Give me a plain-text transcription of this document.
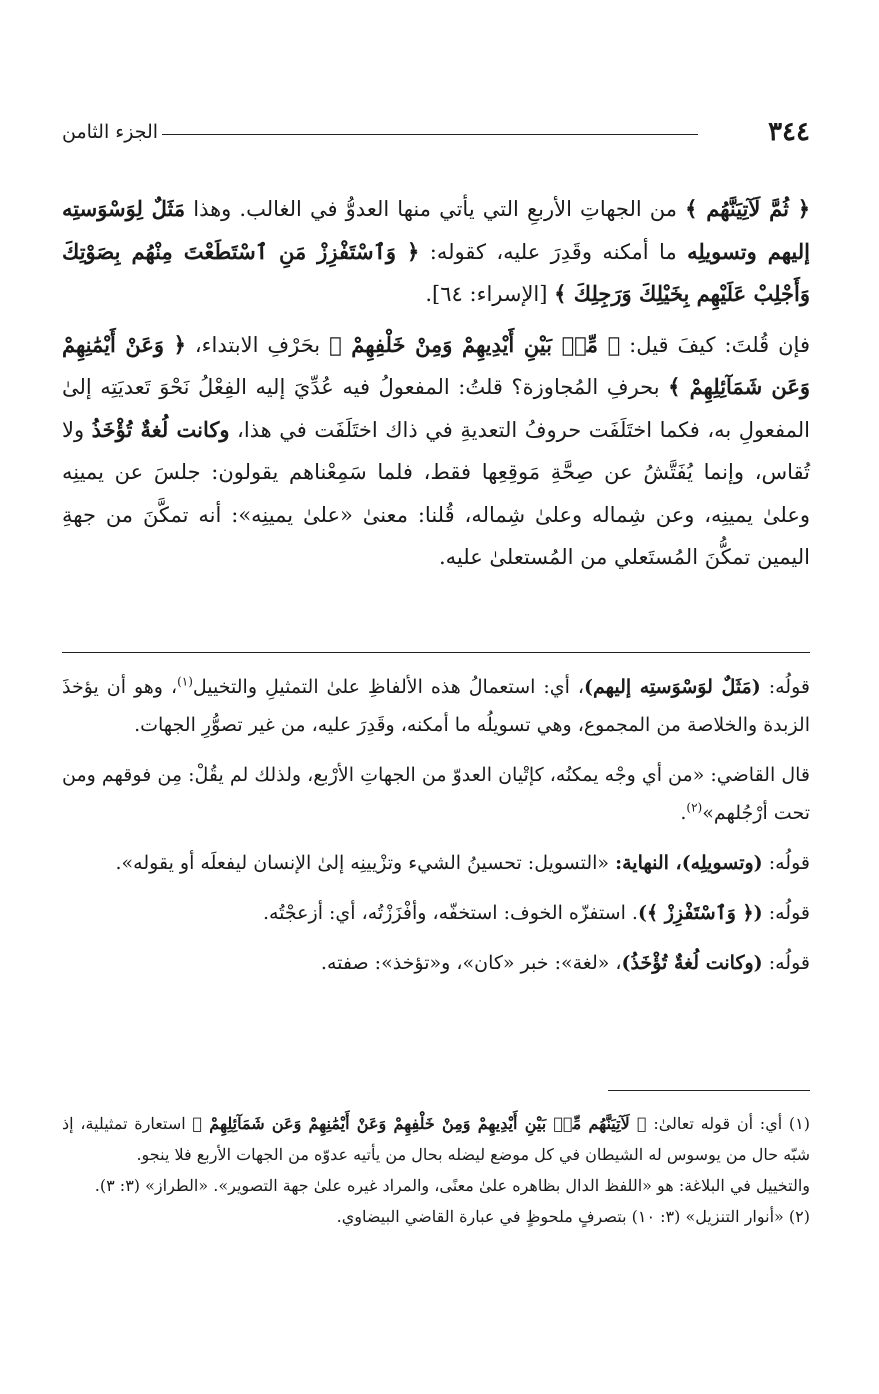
٣٤٤
الجزء الثامن

﴿ ثُمَّ لَآتِيَنَّهُم ﴾ من الجهاتِ الأربعِ التي يأتي منها العدوُّ في الغالب. وهذا مَثَلٌ لِوَسْوَستِه إليهم وتسويلِه ما أمكنه وقَدِرَ عليه، كقوله: ﴿ وَٱسْتَفْزِزْ مَنِ ٱسْتَطَعْتَ مِنْهُم بِصَوْتِكَ وَأَجْلِبْ عَلَيْهِم بِخَيْلِكَ وَرَجِلِكَ ﴾ [الإسراء: ٦٤].

فإن قُلتَ: كيفَ قيل: ﴿ مِّنۢ بَيْنِ أَيْدِيهِمْ وَمِنْ خَلْفِهِمْ ﴾ بحَرْفِ الابتداء، ﴿ وَعَنْ أَيْمَٰنِهِمْ وَعَن شَمَآئِلِهِمْ ﴾ بحرفِ المُجاوزة؟ قلتُ: المفعولُ فيه عُدِّيَ إليه الفِعْلُ نَحْوَ تَعديَتِه إلىٰ المفعولِ به، فكما اختَلَفَت حروفُ التعديةِ في ذاك اختَلَفَت في هذا، وكانت لُغةٌ تُؤْخَذُ ولا تُقاس، وإنما يُفَتَّشُ عن صِحَّةِ مَوقِعِها فقط، فلما سَمِعْناهم يقولون: جلسَ عن يمينِه وعلىٰ يمينِه، وعن شِماله وعلىٰ شِماله، قُلنا: معنىٰ «علىٰ يمينِه»: أنه تمكَّنَ من جهةِ اليمين تمكُّنَ المُستَعلي من المُستعلىٰ عليه.

قولُه: (مَثَلٌ لوَسْوَستِه إليهم)، أي: استعمالُ هذه الألفاظِ علىٰ التمثيلِ والتخييل$^{(١)}$، وهو أن يؤخذَ الزبدة والخلاصة من المجموع، وهي تسويلُه ما أمكنه، وقَدِرَ عليه، من غير تصوُّرِ الجهات.

قال القاضي: «من أي وجْه يمكنُه، كإتْيان العدوّ من الجهاتِ الأرْبع، ولذلك لم يقُلْ: مِن فوقهم ومن تحت أرْجُلهم»$^{(٢)}$.

قولُه: (وتسويلِه)، النهاية: «التسويل: تحسينُ الشيء وتزْيينِه إلىٰ الإنسان ليفعلَه أو يقوله».

قولُه: (﴿ وَٱسْتَفْزِزْ ﴾). استفزّه الخوف: استخفّه، وأفْزَزْتُه، أي: أزعجْتُه.

قولُه: (وكانت لُغةٌ تُؤْخَذُ)، «لغة»: خبر «كان»، و«تؤخذ»: صفته.

(١) أي: أن قوله تعالىٰ: ﴿ لَآتِيَنَّهُم مِّنۢ بَيْنِ أَيْدِيهِمْ وَمِنْ خَلْفِهِمْ وَعَنْ أَيْمَٰنِهِمْ وَعَن شَمَآئِلِهِمْ ﴾ استعارة تمثيلية، إذ شبّه حال من يوسوس له الشيطان في كل موضع ليضله بحال من يأتيه عدوّه من الجهات الأربع فلا ينجو.

والتخييل في البلاغة: هو «اللفظ الدال بظاهره علىٰ معنًى، والمراد غيره علىٰ جهة التصوير». «الطراز» (٣: ٣).

(٢) «أنوار التنزيل» (٣: ١٠) بتصرفٍ ملحوظٍ في عبارة القاضي البيضاوي.
